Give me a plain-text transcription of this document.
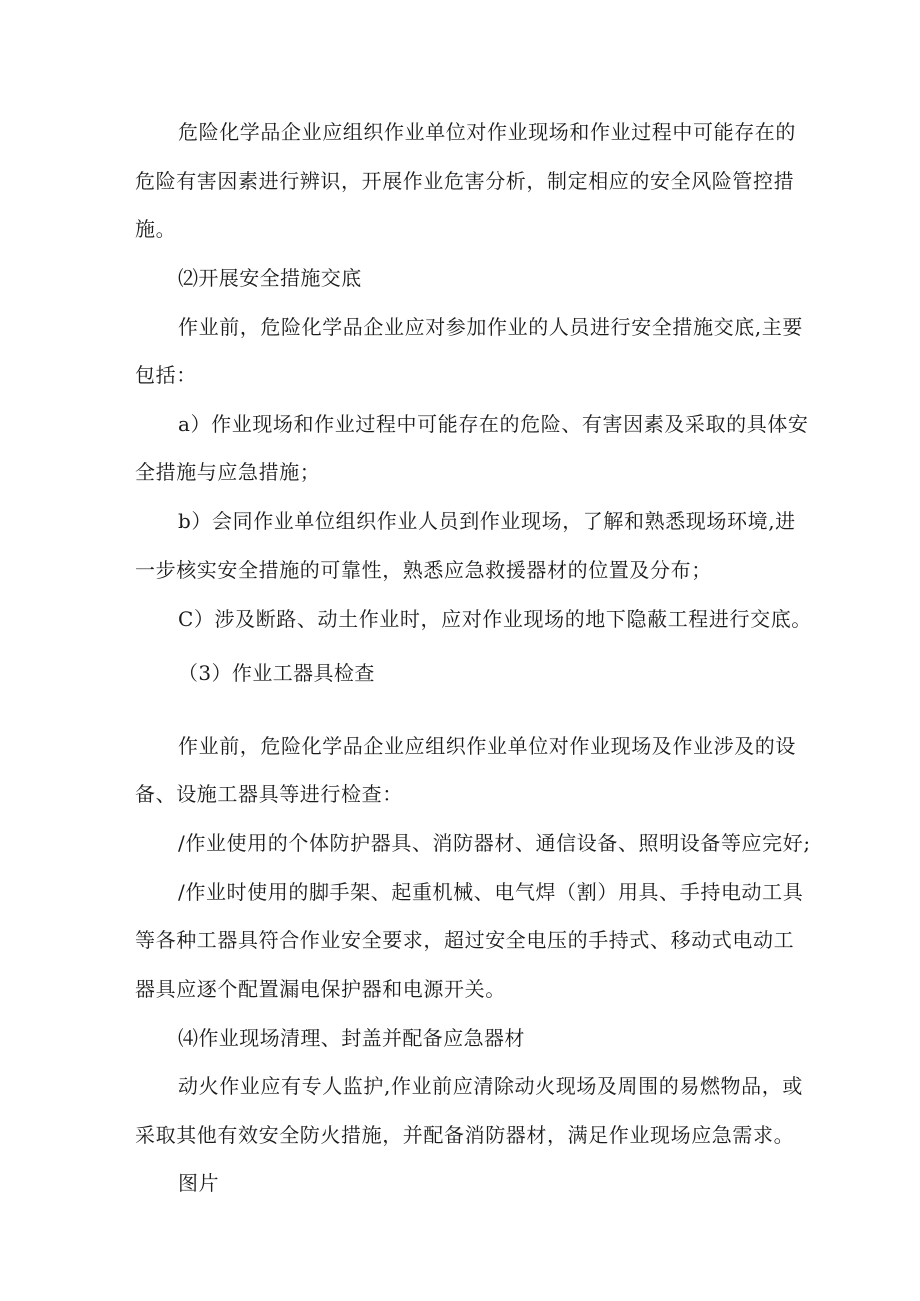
危险化学品企业应组织作业单位对作业现场和作业过程中可能存在的
危险有害因素进行辨识，开展作业危害分析，制定相应的安全风险管控措
施。
⑵开展安全措施交底
作业前，危险化学品企业应对参加作业的人员进行安全措施交底,主要
包括：
a）作业现场和作业过程中可能存在的危险、有害因素及采取的具体安
全措施与应急措施；
b）会同作业单位组织作业人员到作业现场，了解和熟悉现场环境,进
一步核实安全措施的可靠性，熟悉应急救援器材的位置及分布；
C）涉及断路、动土作业时，应对作业现场的地下隐蔽工程进行交底。
（3）作业工器具检查
作业前，危险化学品企业应组织作业单位对作业现场及作业涉及的设
备、设施工器具等进行检查：
/作业使用的个体防护器具、消防器材、通信设备、照明设备等应完好;
/作业时使用的脚手架、起重机械、电气焊（割）用具、手持电动工具
等各种工器具符合作业安全要求，超过安全电压的手持式、移动式电动工
器具应逐个配置漏电保护器和电源开关。
⑷作业现场清理、封盖并配备应急器材
动火作业应有专人监护,作业前应清除动火现场及周围的易燃物品，或
采取其他有效安全防火措施，并配备消防器材，满足作业现场应急需求。
图片
